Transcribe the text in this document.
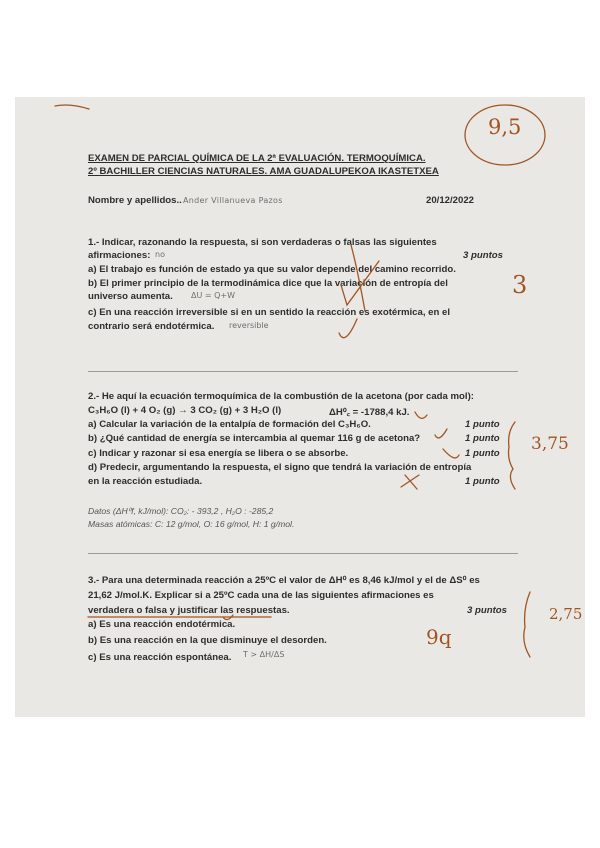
EXAMEN DE PARCIAL QUÍMICA DE LA 2ª EVALUACIÓN. TERMOQUÍMICA.
2º BACHILLER CIENCIAS NATURALES. AMA GUADALUPEKOA IKASTETXEA
Nombre y apellidos.. Ander Villanueva Pazos	20/12/2022
9,5
1.- Indicar, razonando la respuesta, si son verdaderas o falsas las siguientes
afirmaciones: no	3 puntos
a) El trabajo es función de estado ya que su valor depende del camino recorrido.
b) El primer principio de la termodinámica dice que la variación de entropía del
universo aumenta. ΔU = Q+W
c) En una reacción irreversible si en un sentido la reacción es exotérmica, en el
contrario será endotérmica. reversible
3
2.- He aquí la ecuación termoquímica de la combustión de la acetona (por cada mol):
C₃H₆O (l) + 4 O₂ (g) → 3 CO₂ (g) + 3 H₂O (l)	ΔH⁰꜀ = -1788,4 kJ.
a) Calcular la variación de la entalpía de formación del C₃H₆O.	1 punto
b) ¿Qué cantidad de energía se intercambia al quemar 116 g de acetona?	1 punto
c) Indicar y razonar si esa energía se libera o se absorbe.	1 punto
d) Predecir, argumentando la respuesta, el signo que tendrá la variación de entropía
en la reacción estudiada.	1 punto
Datos (ΔH⁰f, kJ/mol): CO₂: - 393,2 , H₂O : -285,2
Masas atómicas: C: 12 g/mol, O: 16 g/mol, H: 1 g/mol.
3,75
3.- Para una determinada reacción a 25ºC el valor de ΔH⁰ es 8,46 kJ/mol y el de ΔS⁰ es
21,62 J/mol.K. Explicar si a 25ºC cada una de las siguientes afirmaciones es
verdadera o falsa y justificar las respuestas.	3 puntos
a) Es una reacción endotérmica.
b) Es una reacción en la que disminuye el desorden.
c) Es una reacción espontánea. T > ΔH/ΔS
9q
2,75
